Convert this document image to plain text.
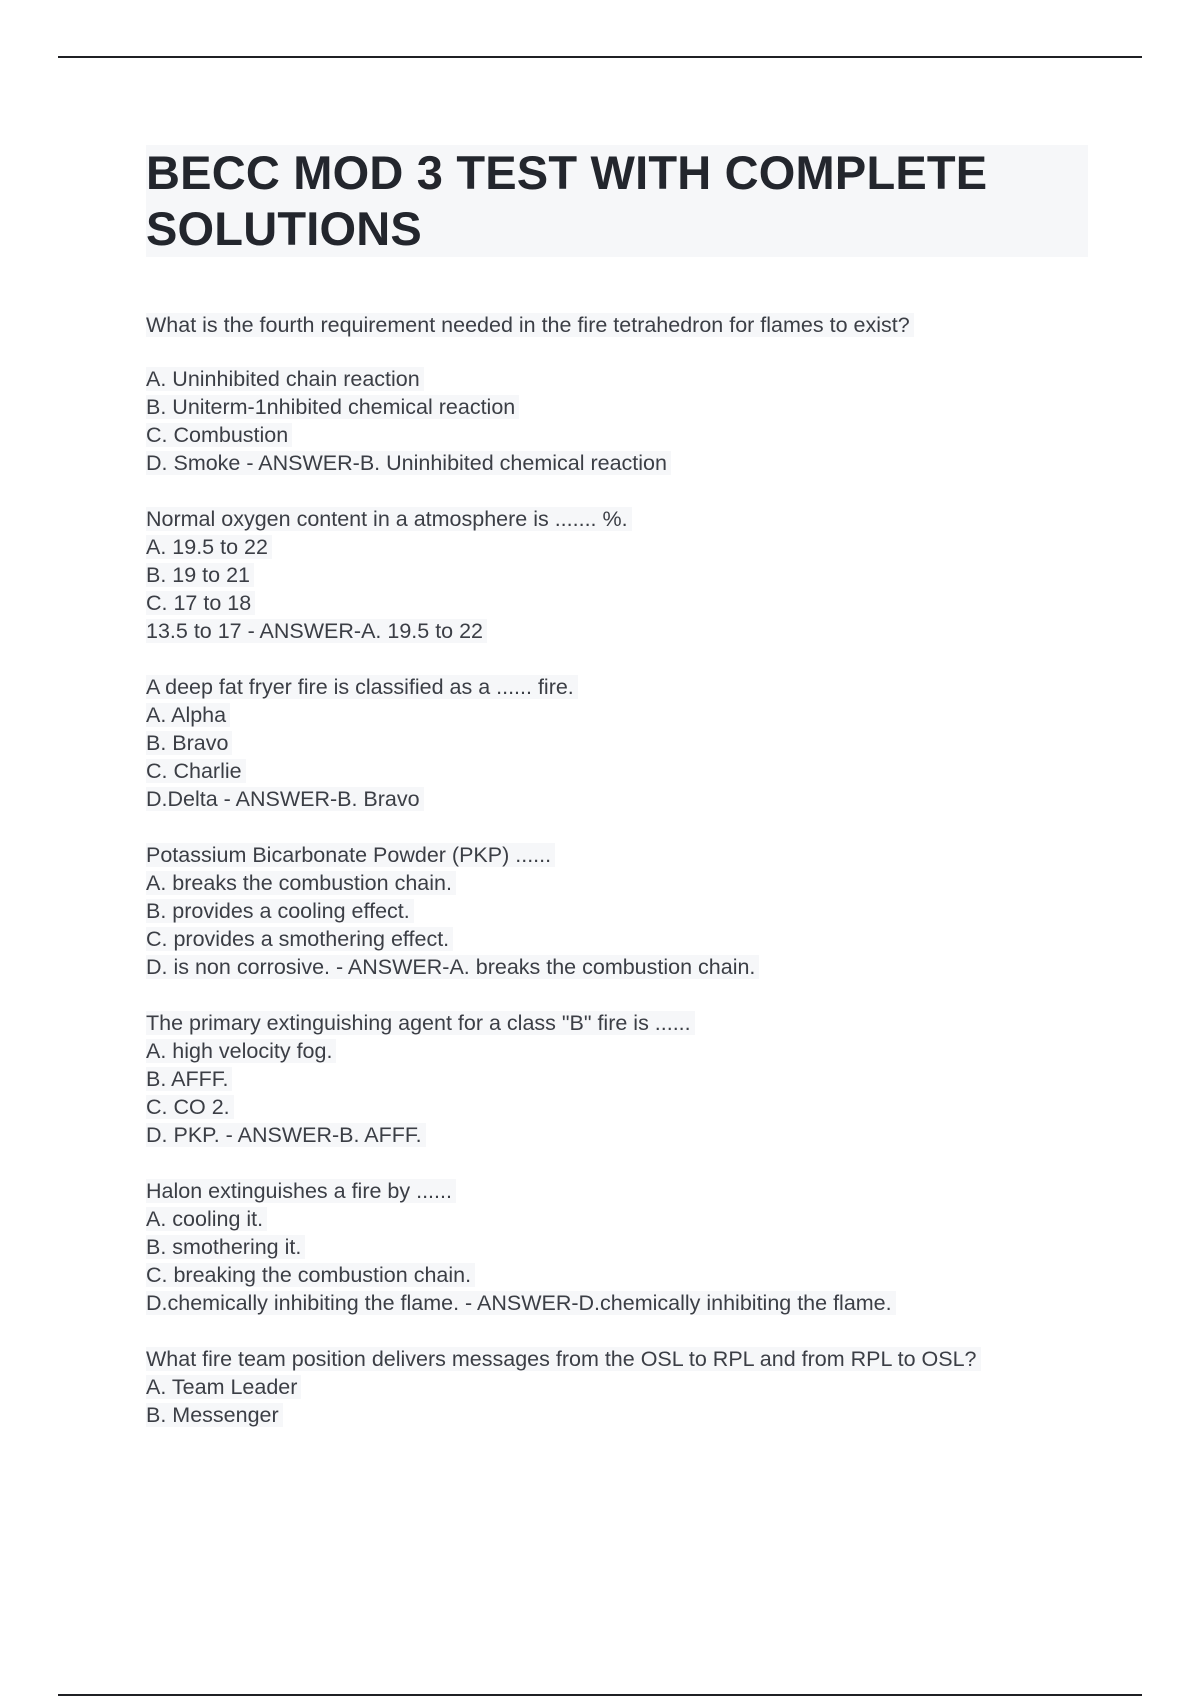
BECC MOD 3 TEST WITH COMPLETE
SOLUTIONS
What is the fourth requirement needed in the fire tetrahedron for flames to exist?
A. Uninhibited chain reaction
B. Uniterm-1nhibited chemical reaction
C. Combustion
D. Smoke - ANSWER-B. Uninhibited chemical reaction
Normal oxygen content in a atmosphere is ....... %.
A. 19.5 to 22
B. 19 to 21
C. 17 to 18
13.5 to 17 - ANSWER-A. 19.5 to 22
A deep fat fryer fire is classified as a ...... fire.
A. Alpha
B. Bravo
C. Charlie
D.Delta - ANSWER-B. Bravo
Potassium Bicarbonate Powder (PKP) ......
A. breaks the combustion chain.
B. provides a cooling effect.
C. provides a smothering effect.
D. is non corrosive. - ANSWER-A. breaks the combustion chain.
The primary extinguishing agent for a class "B" fire is ......
A. high velocity fog.
B. AFFF.
C. CO 2.
D. PKP. - ANSWER-B. AFFF.
Halon extinguishes a fire by ......
A. cooling it.
B. smothering it.
C. breaking the combustion chain.
D.chemically inhibiting the flame. - ANSWER-D.chemically inhibiting the flame.
What fire team position delivers messages from the OSL to RPL and from RPL to OSL?
A. Team Leader
B. Messenger
